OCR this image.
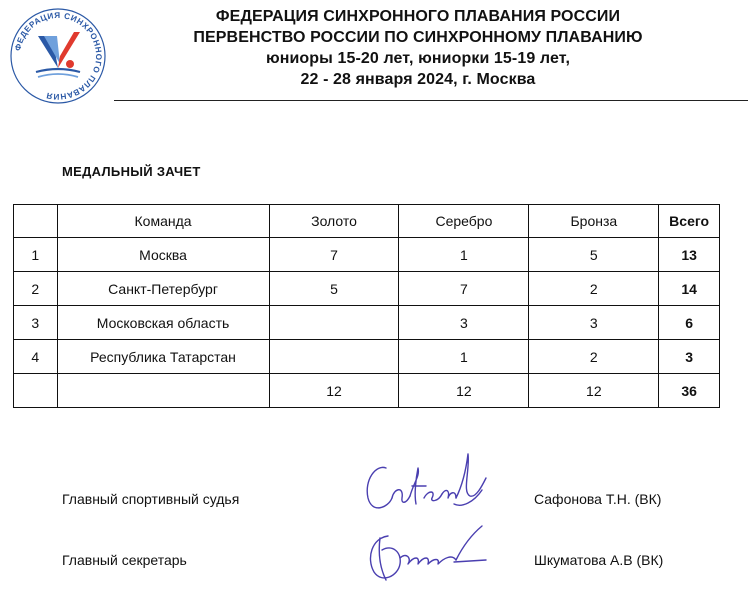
ФЕДЕРАЦИЯ СИНХРОННОГО ПЛАВАНИЯ
ФЕДЕРАЦИЯ СИНХРОННОГО ПЛАВАНИЯ РОССИИ
ПЕРВЕНСТВО РОССИИ ПО СИНХРОННОМУ ПЛАВАНИЮ
юниоры 15-20 лет, юниорки 15-19 лет,
22 - 28 января 2024, г. Москва
МЕДАЛЬНЫЙ ЗАЧЕТ
	Команда	Золото	Серебро	Бронза	Всего
1	Москва	7	1	5	13
2	Санкт-Петербург	5	7	2	14
3	Московская область		3	3	6
4	Республика Татарстан		1	2	3
		12	12	12	36
Главный спортивный судья	Сафонова Т.Н. (ВК)
Главный секретарь	Шкуматова А.В (ВК)
